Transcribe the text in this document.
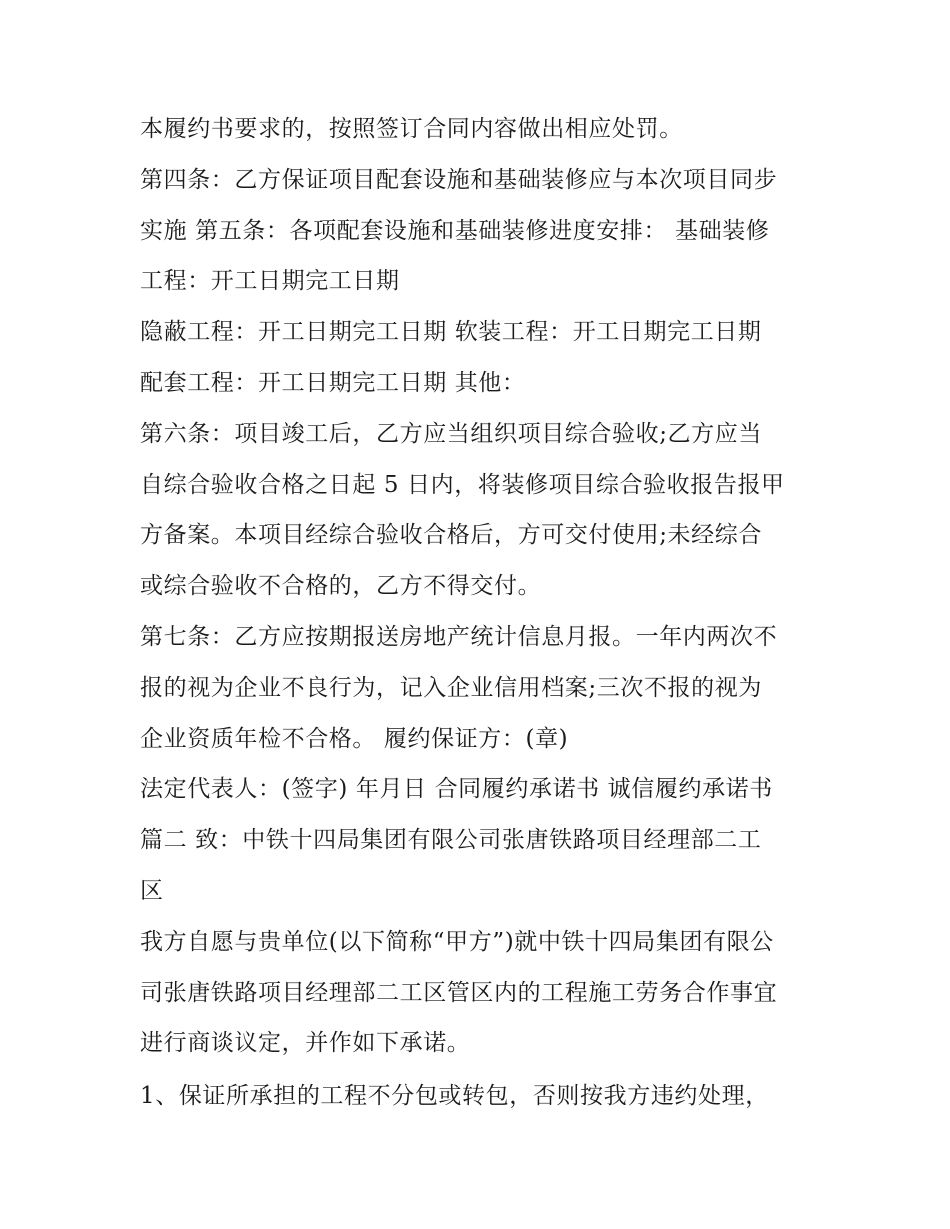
本履约书要求的，按照签订合同内容做出相应处罚。
第四条：乙方保证项目配套设施和基础装修应与本次项目同步
实施 第五条：各项配套设施和基础装修进度安排： 基础装修
工程：开工日期完工日期
隐蔽工程：开工日期完工日期 软装工程：开工日期完工日期
配套工程：开工日期完工日期 其他：
第六条：项目竣工后，乙方应当组织项目综合验收;乙方应当
自综合验收合格之日起 5 日内，将装修项目综合验收报告报甲
方备案。本项目经综合验收合格后，方可交付使用;未经综合
或综合验收不合格的，乙方不得交付。
第七条：乙方应按期报送房地产统计信息月报。一年内两次不
报的视为企业不良行为，记入企业信用档案;三次不报的视为
企业资质年检不合格。 履约保证方：(章)
法定代表人：(签字) 年月日 合同履约承诺书 诚信履约承诺书
篇二 致：中铁十四局集团有限公司张唐铁路项目经理部二工
区
我方自愿与贵单位(以下简称“甲方”)就中铁十四局集团有限公
司张唐铁路项目经理部二工区管区内的工程施工劳务合作事宜
进行商谈议定，并作如下承诺。
1、保证所承担的工程不分包或转包，否则按我方违约处理，
